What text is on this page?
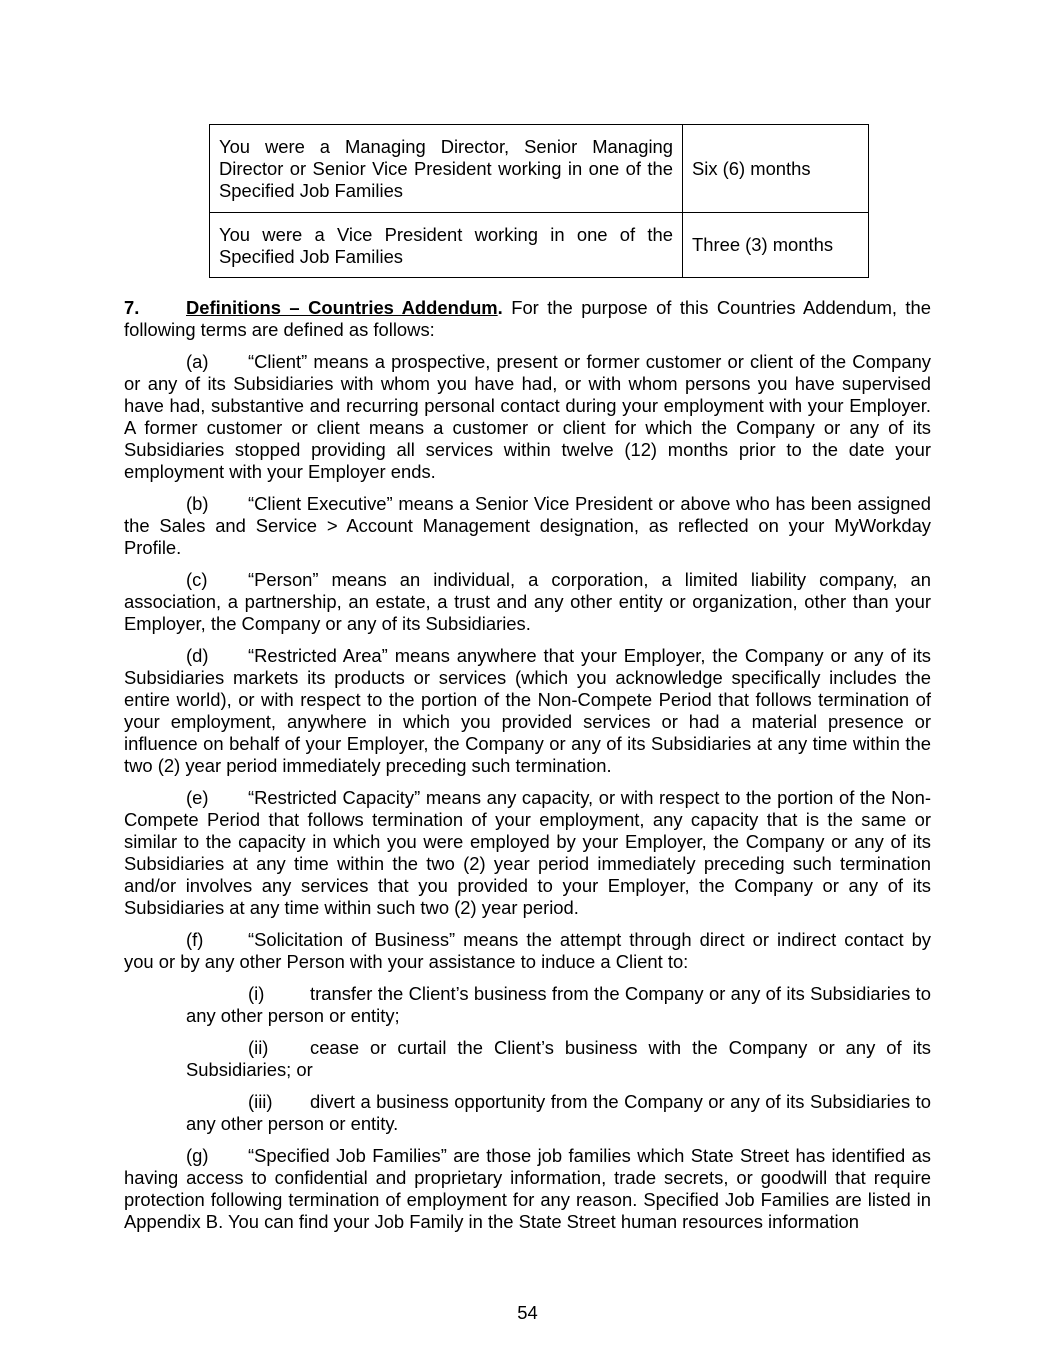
You were a Managing Director, Senior Managing Director or Senior Vice President working in one of the Specified Job Families	Six (6) months
You were a Vice President working in one of the Specified Job Families	Three (3) months

7.	Definitions – Countries Addendum. For the purpose of this Countries Addendum, the following terms are defined as follows:

(a) “Client” means a prospective, present or former customer or client of the Company or any of its Subsidiaries with whom you have had, or with whom persons you have supervised have had, substantive and recurring personal contact during your employment with your Employer. A former customer or client means a customer or client for which the Company or any of its Subsidiaries stopped providing all services within twelve (12) months prior to the date your employment with your Employer ends.

(b) “Client Executive” means a Senior Vice President or above who has been assigned the Sales and Service > Account Management designation, as reflected on your MyWorkday Profile.

(c) “Person” means an individual, a corporation, a limited liability company, an association, a partnership, an estate, a trust and any other entity or organization, other than your Employer, the Company or any of its Subsidiaries.

(d) “Restricted Area” means anywhere that your Employer, the Company or any of its Subsidiaries markets its products or services (which you acknowledge specifically includes the entire world), or with respect to the portion of the Non-Compete Period that follows termination of your employment, anywhere in which you provided services or had a material presence or influence on behalf of your Employer, the Company or any of its Subsidiaries at any time within the two (2) year period immediately preceding such termination.

(e) “Restricted Capacity” means any capacity, or with respect to the portion of the Non-Compete Period that follows termination of your employment, any capacity that is the same or similar to the capacity in which you were employed by your Employer, the Company or any of its Subsidiaries at any time within the two (2) year period immediately preceding such termination and/or involves any services that you provided to your Employer, the Company or any of its Subsidiaries at any time within such two (2) year period.

(f) “Solicitation of Business” means the attempt through direct or indirect contact by you or by any other Person with your assistance to induce a Client to:

(i) transfer the Client’s business from the Company or any of its Subsidiaries to any other person or entity;

(ii) cease or curtail the Client’s business with the Company or any of its Subsidiaries; or

(iii) divert a business opportunity from the Company or any of its Subsidiaries to any other person or entity.

(g) “Specified Job Families” are those job families which State Street has identified as having access to confidential and proprietary information, trade secrets, or goodwill that require protection following termination of employment for any reason. Specified Job Families are listed in Appendix B. You can find your Job Family in the State Street human resources information

54
